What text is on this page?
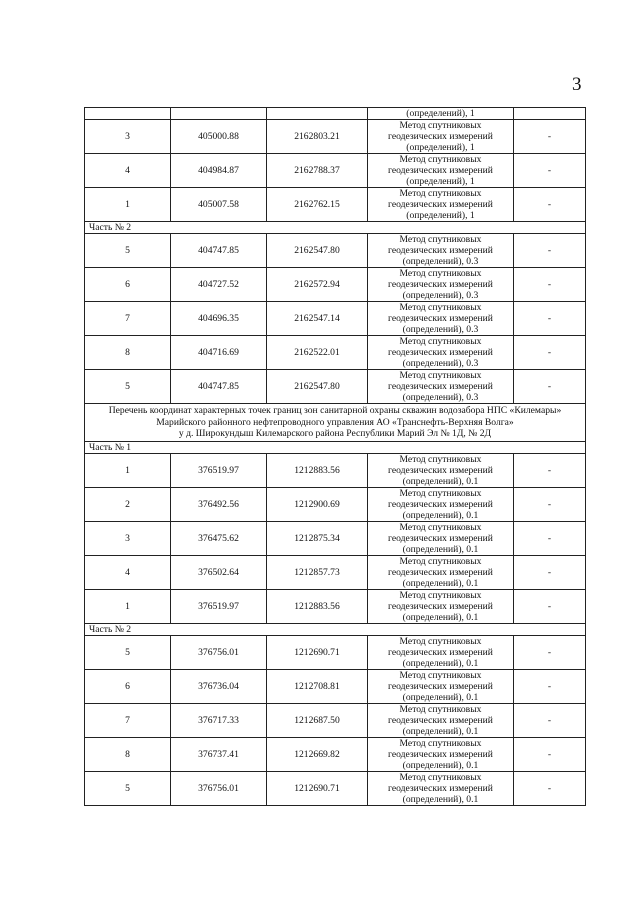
3
			(определений), 1	
3	405000.88	2162803.21	Метод спутниковых
геодезических измерений
(определений), 1	-
4	404984.87	2162788.37	Метод спутниковых
геодезических измерений
(определений), 1	-
1	405007.58	2162762.15	Метод спутниковых
геодезических измерений
(определений), 1	-
Часть № 2				
5	404747.85	2162547.80	Метод спутниковых
геодезических измерений
(определений), 0.3	-
6	404727.52	2162572.94	Метод спутниковых
геодезических измерений
(определений), 0.3	-
7	404696.35	2162547.14	Метод спутниковых
геодезических измерений
(определений), 0.3	-
8	404716.69	2162522.01	Метод спутниковых
геодезических измерений
(определений), 0.3	-
5	404747.85	2162547.80	Метод спутниковых
геодезических измерений
(определений), 0.3	-

Перечень координат характерных точек границ зон санитарной охраны скважин водозабора НПС «Килемары»
Марийского районного нефтепроводного управления АО «Транснефть-Верхняя Волга»
у д. Широкундыш Килемарского района Республики Марий Эл № 1Д, № 2Д				

Часть № 1				
1	376519.97	1212883.56	Метод спутниковых
геодезических измерений
(определений), 0.1	-
2	376492.56	1212900.69	Метод спутниковых
геодезических измерений
(определений), 0.1	-
3	376475.62	1212875.34	Метод спутниковых
геодезических измерений
(определений), 0.1	-
4	376502.64	1212857.73	Метод спутниковых
геодезических измерений
(определений), 0.1	-
1	376519.97	1212883.56	Метод спутниковых
геодезических измерений
(определений), 0.1	-
Часть № 2				
5	376756.01	1212690.71	Метод спутниковых
геодезических измерений
(определений), 0.1	-
6	376736.04	1212708.81	Метод спутниковых
геодезических измерений
(определений), 0.1	-
7	376717.33	1212687.50	Метод спутниковых
геодезических измерений
(определений), 0.1	-
8	376737.41	1212669.82	Метод спутниковых
геодезических измерений
(определений), 0.1	-
5	376756.01	1212690.71	Метод спутниковых
геодезических измерений
(определений), 0.1	-
